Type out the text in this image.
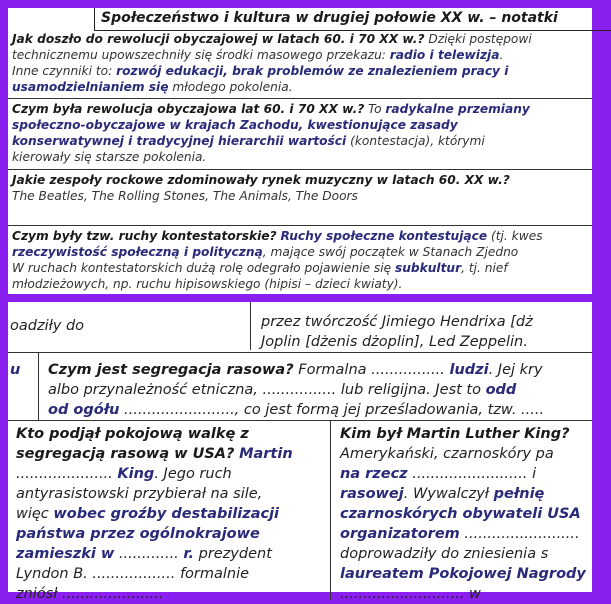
Społeczeństwo i kultura w drugiej połowie XX w. – notatki
Jak doszło do rewolucji obyczajowej w latach 60. i 70 XX w.? Dzięki postępowi
technicznemu upowszechniły się środki masowego przekazu: radio i telewizja.
Inne czynniki to: rozwój edukacji, brak problemów ze znalezieniem pracy i
usamodzielnianiem się młodego pokolenia.
Czym była rewolucja obyczajowa lat 60. i 70 XX w.? To radykalne przemiany
społeczno-obyczajowe w krajach Zachodu, kwestionujące zasady
konserwatywnej i tradycyjnej hierarchii wartości (kontestacja), którymi
kierowały się starsze pokolenia.
Jakie zespoły rockowe zdominowały rynek muzyczny w latach 60. XX w.?
The Beatles, The Rolling Stones, The Animals, The Doors
Czym były tzw. ruchy kontestatorskie? Ruchy społeczne kontestujące (tj. kwes
rzeczywistość społeczną i polityczną, mające swój początek w Stanach Zjedno
W ruchach kontestatorskich dużą rolę odegrało pojawienie się subkultur, tj. nief
młodzieżowych, np. ruchu hipisowskiego (hipisi – dzieci kwiaty).
oadziły do	przez twórczość Jimiego Hendrixa [dż
Joplin [dżenis dżoplin], Led Zeppelin.
u	Czym jest segregacja rasowa? Formalna ................ ludzi. Jej kry
albo przynależność etniczna, ................ lub religijna. Jest to odd
od ogółu ........................, co jest formą jej prześladowania, tzw. .....
Kto podjął pokojową walkę z
segregacją rasową w USA? Martin
..................... King. Jego ruch
antyrasistowski przybierał na sile,
więc wobec groźby destabilizacji
państwa przez ogólnokrajowe
zamieszki w ............. r. prezydent
Lyndon B. .................. formalnie
zniósł ......................
Kim był Martin Luther King?
Amerykański, czarnoskóry pa
na rzecz ......................... i
rasowej. Wywalczył pełnię
czarnoskórych obywateli USA
organizatorem .........................
doprowadziły do zniesienia s
laureatem Pokojowej Nagrody
........................... w
